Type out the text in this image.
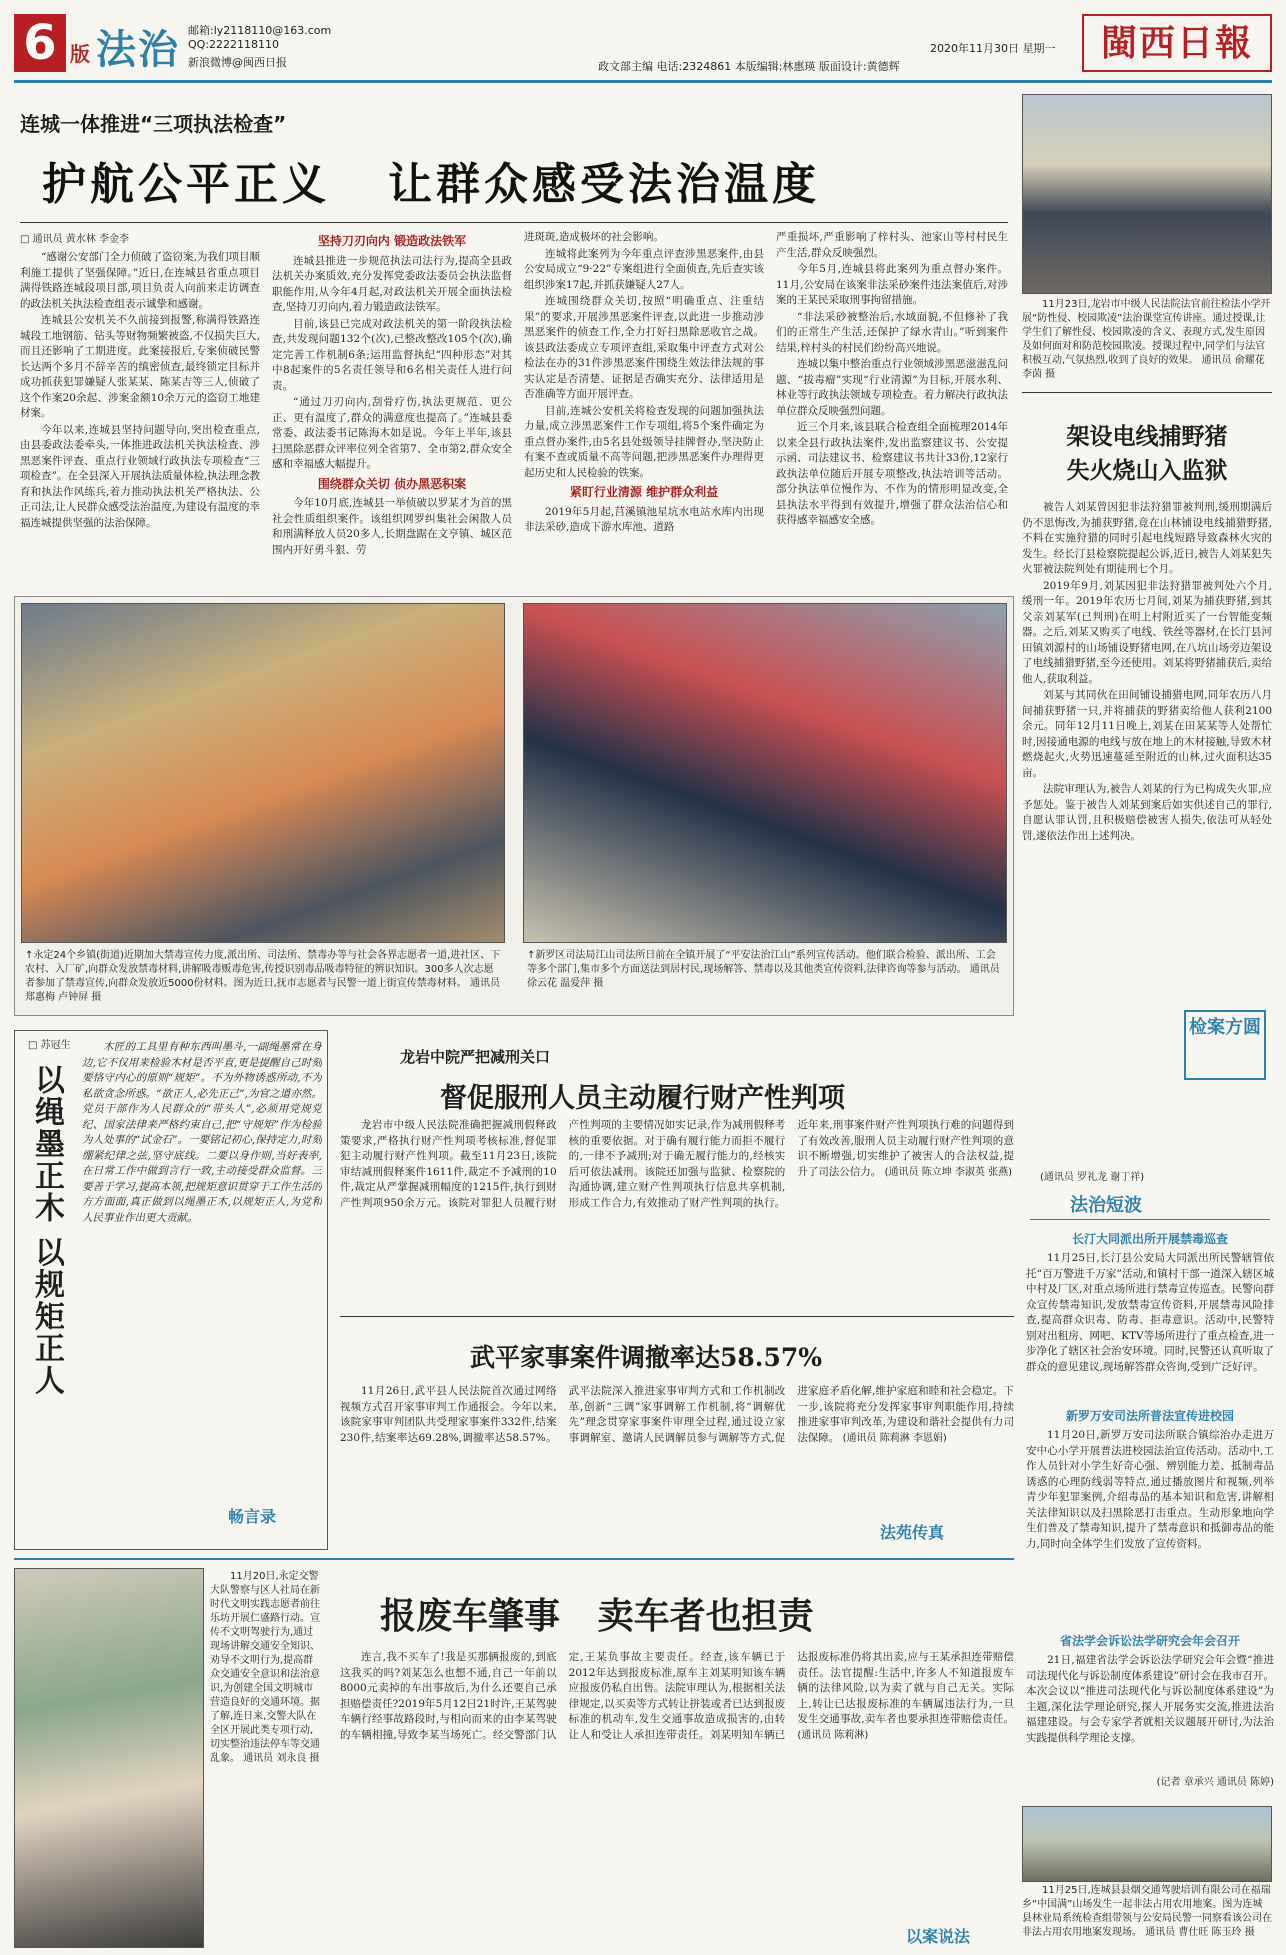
6 版 法治 邮箱:ly2118110@163.com
QQ:2222118110
新浪微博@闽西日报	政文部主编 电话:2324861 本版编辑:林惠瑛 版面设计:黄德辉
2020年11月30日 星期一	閩西日報
连城一体推进“三项执法检查”
护航公平正义   让群众感受法治温度
□ 通讯员 黄水林 李金李

“感谢公安部门全力侦破了盗窃案,为我们项目顺利施工提供了坚强保障。”近日,在连城县省重点项目满得铁路连城段项目部,项目负责人向前来走访调查的政法机关执法检查组表示诚挚和感谢。

连城县公安机关不久前接到报警,称满得铁路连城段工地钢筋、钻头等财物频繁被盗,不仅损失巨大,而且还影响了工期进度。此案接报后,专案侦破民警长达两个多月不辞辛苦的缜密侦查,最终锁定目标并成功抓获犯罪嫌疑人张某某、陈某吉等三人,侦破了这个作案20余起、涉案金额10余万元的盗窃工地建材案。

今年以来,连城县坚持问题导向,突出检查重点,由县委政法委牵头,一体推进政法机关执法检查、涉黑恶案件评查、重点行业领域行政执法专项检查“三项检查”。在全县深入开展执法质量体检,执法理念教育和执法作风练兵,着力推动执法机关严格执法、公正司法,让人民群众感受法治温度,为建设有温度的幸福连城提供坚强的法治保障。

坚持刀刃向内 锻造政法铁军

连城县推进一步规范执法司法行为,提高全县政法机关办案质效,充分发挥党委政法委员会执法监督职能作用,从今年4月起,对政法机关开展全面执法检查,坚持刀刃向内,着力锻造政法铁军。

目前,该县已完成对政法机关的第一阶段执法检查,共发现问题132个(次),已整改整改105个(次),确定完善工作机制6条;运用监督执纪“四种形态”对其中8起案件的5名责任领导和6名相关责任人进行问责。

“通过刀刃向内,刮骨疗伤,执法更规范、更公正、更有温度了,群众的满意度也提高了。”连城县委常委、政法委书记陈海木如是说。今年上半年,该县扫黑除恶群众评率位列全省第7、全市第2,群众安全感和幸福感大幅提升。

围绕群众关切 侦办黑恶积案

今年10月底,连城县一举侦破以罗某才为首的黑社会性质组织案件。该组织网罗纠集社会闲散人员和刑满释放人员20多人,长期盘踞在文亨镇、城区范围内开好勇斗狠、劳

进斑斑,造成极坏的社会影响。

连城将此案列为今年重点评查涉黑恶案件,由县公安局成立“9·22”专案组进行全面侦查,先后查实该组织涉案17起,并抓获嫌疑人27人。

连城围绕群众关切,按照“明确重点、注重结果”的要求,开展涉黑恶案件评查,以此进一步推动涉黑恶案件的侦查工作,全力打好扫黑除恶收官之战。该县政法委成立专项评查组,采取集中评查方式对公检法在办的31件涉黑恶案件围绕生效法律法规的事实认定是否清楚、证据是否确实充分、法律适用是否准确等方面开展评查。

目前,连城公安机关将检查发现的问题加强执法力量,成立涉黑恶案件工作专项组,将5个案件确定为重点督办案件,由5名县处级领导挂牌督办,坚决防止有案不查或质量不高等问题,把涉黑恶案件办理得更起历史和人民检验的铁案。

紧盯行业清源 维护群众利益

2019年5月起,莒溪镇池星坑水电站水库内出现非法采砂,造成下游水库池、道路

严重损坏,严重影响了梓村头、池家山等村村民生产生活,群众反映强烈。

今年5月,连城县将此案列为重点督办案件。11月,公安局在该案非法采砂案件违法案值后,对涉案的王某民采取刑事拘留措施。

“非法采砂被整治后,水域面貌,不但修补了我们的正常生产生活,还保护了绿水青山。”听到案件结果,梓村头的村民们纷纷高兴地说。

连城以集中整治重点行业领域涉黑恶滋滋乱问题、“拔毒瘤”实现“行业清源”为目标,开展水利、林业等行政执法领域专项检查。着力解决行政执法单位群众反映强烈问题。

近三个月来,该县联合检查组全面梳理2014年以来全县行政执法案件,发出监察建议书、公安提示函、司法建议书、检察建议书共计33份,12家行政执法单位随后开展专项整改,执法培训等活动。部分执法单位慢作为、不作为的情形明显改变,全县执法水平得到有效提升,增强了群众法治信心和获得感幸福感安全感。

11月23日,龙岩市中级人民法院法官前往检法小学开展“防性侵、校园欺凌”法治课堂宣传讲座。通过授课,让学生们了解性侵、校园欺凌的含义、表现方式,发生原因及如何面对和防范校园欺凌。授课过程中,同学们与法官积极互动,气氛热烈,收到了良好的效果。 通讯员 俞耀花 李茵 摄
架设电线捕野猪
失火烧山入监狱

被告人刘某曾因犯非法狩猎罪被判刑,缓刑期满后仍不思悔改,为捕获野猪,竟在山林铺设电线捕猎野猪,不料在实施狩猎的同时引起电线短路导致森林火灾的发生。经长汀县检察院提起公诉,近日,被告人刘某犯失火罪被法院判处有期徒刑七个月。

2019年9月,刘某因犯非法狩猎罪被判处六个月,缓刑一年。2019年农历七月间,刘某为捕获野猪,到其父亲刘某军(已判刑)在明上村附近买了一台智能变频器。之后,刘某又购买了电线、铁丝等器材,在长汀县河田镇刘源村的山场铺设野猪电网,在八坑山场旁边架设了电线捕猎野猪,至今还使用。刘某将野猪捕获后,卖给他人,获取利益。

刘某与其同伙在田间铺设捕猎电网,同年农历八月间捕获野猪一只,并将捕获的野猪卖给他人获利2100余元。同年12月11日晚上,刘某在田某某等人处帮忙时,因接通电源的电线与放在地上的木材接触,导致木材燃烧起火,火势迅速蔓延至附近的山林,过火面积达35亩。

法院审理认为,被告人刘某的行为已构成失火罪,应予惩处。鉴于被告人刘某到案后如实供述自己的罪行,自愿认罪认罚,且积极赔偿被害人损失,依法可从轻处罚,遂依法作出上述判决。

检案方圆
(通讯员 罗礼龙 谢丁祥)
↑永定24个乡镇(街道)近期加大禁毒宣传力度,派出所、司法所、禁毒办等与社会各界志愿者一道,进社区、下农村、入厂矿,向群众发放禁毒材料,讲解吸毒贩毒危害,传授识别毒品吸毒特征的辨识知识。300多人次志愿者参加了禁毒宣传,向群众发放近5000份材料。图为近日,抚市志愿者与民警一道上街宣传禁毒材料。 通讯员 郑惠梅 卢钟屏 摄
↑新罗区司法局江山司法所日前在全镇开展了“平安法治江山”系列宣传活动。他们联合检验、派出所、工会等多个部门,集市多个方面送法到居村民,现场解答、禁毒以及其他类宣传资料,法律咨询等参与活动。 通讯员 徐云花 温爱萍 摄
法治短波
长汀大同派出所开展禁毒巡查

11月25日,长汀县公安局大同派出所民警辖管依托“百万警进千万家”活动,和镇村干部一道深入辖区城中村及厂区,对重点场所进行禁毒宣传巡查。民警向群众宣传禁毒知识,发放禁毒宣传资料,开展禁毒风险排查,提高群众识毒、防毒、拒毒意识。活动中,民警特别对出租房、网吧、KTV等场所进行了重点检查,进一步净化了辖区社会治安环境。同时,民警还认真听取了群众的意见建议,现场解答群众咨询,受到广泛好评。

新罗万安司法所普法宣传进校园

11月20日,新罗万安司法所联合镇综治办走进万安中心小学开展普法进校园法治宣传活动。活动中,工作人员针对小学生好奇心强、辨别能力差、抵制毒品诱惑的心理防线弱等特点,通过播放图片和视频,列举青少年犯罪案例,介绍毒品的基本知识和危害,讲解相关法律知识以及扫黑除恶打击重点。生动形象地向学生们普及了禁毒知识,提升了禁毒意识和抵御毒品的能力,同时向全体学生们发放了宣传资料。

省法学会诉讼法学研究会年会召开

21日,福建省法学会诉讼法学研究会年会暨“推进司法现代化与诉讼制度体系建设”研讨会在我市召开。本次会议以“推进司法现代化与诉讼制度体系建设”为主题,深化法学理论研究,探人开展务实交流,推进法治福建建设。与会专家学者就相关议题展开研讨,为法治实践提供科学理论支撑。

(记者 章承兴 通讯员 陈婷)
□ 苏冠生
以绳墨正木 以规矩正人
木匠的工具里有种东西叫墨斗,一副绳墨常在身边,它不仅用来检验木材是否平直,更是提醒自己时刻要恪守内心的原则“规矩”。不为外物诱惑所动,不为私欲贪念所惑。“欲正人,必先正己”,为官之道亦然。党员干部作为人民群众的“带头人”,必须用党规党纪、国家法律来严格约束自己,把“守规矩”作为检验为人处事的“试金石”。一要铭记初心,保持定力,时刻绷紧纪律之弦,坚守底线。二要以身作则,当好表率,在日常工作中做到言行一致,主动接受群众监督。三要善于学习,提高本领,把规矩意识贯穿于工作生活的方方面面,真正做到以绳墨正木,以规矩正人,为党和人民事业作出更大贡献。
畅言录
龙岩中院严把减刑关口
督促服刑人员主动履行财产性判项
龙岩市中级人民法院准确把握减刑假释政策要求,严格执行财产性判项考核标准,督促罪犯主动履行财产性判项。截至11月23日,该院审结减刑假释案件1611件,裁定不予减刑的10件,裁定从严掌握减刑幅度的1215件,执行到财产性判项950余万元。该院对罪犯人员履行财产性判项的主要情况如实记录,作为减刑假释考核的重要依据。对于确有履行能力而拒不履行的,一律不予减刑;对于确无履行能力的,经核实后可依法减刑。该院还加强与监狱、检察院的沟通协调,建立财产性判项执行信息共享机制,形成工作合力,有效推动了财产性判项的执行。近年来,刑事案件财产性判项执行难的问题得到了有效改善,服刑人员主动履行财产性判项的意识不断增强,切实维护了被害人的合法权益,提升了司法公信力。 (通讯员 陈立坤 李淑英 张燕)
武平家事案件调撤率达58.57%
11月26日,武平县人民法院首次通过网络视频方式召开家事审判工作通报会。今年以来,该院家事审判团队共受理家事案件332件,结案230件,结案率达69.28%,调撤率达58.57%。武平法院深入推进家事审判方式和工作机制改革,创新“三调”家事调解工作机制,将“调解优先”理念贯穿家事案件审理全过程,通过设立家事调解室、邀请人民调解员参与调解等方式,促进家庭矛盾化解,维护家庭和睦和社会稳定。下一步,该院将充分发挥家事审判职能作用,持续推进家事审判改革,为建设和谐社会提供有力司法保障。 (通讯员 陈莉淋 李恩娟)
法苑传真
11月20日,永定交警大队警察与区人社局在新时代文明实践志愿者前往乐坊开展仁盛路行动。宣传不文明驾驶行为,通过现场讲解交通安全知识、劝导不文明行为,提高群众交通安全意识和法治意识,为创建全国文明城市营造良好的交通环境。据了解,连日来,交警大队在全区开展此类专项行动,切实整治违法停车等交通乱象。 通讯员 刘永良 摄
报废车肇事   卖车者也担责
连言,我不买车了!我是买那辆报废的,到底这我买的吗?刘某怎么也想不通,自己一年前以8000元卖掉的车出事故后,为什么还要自己承担赔偿责任?2019年5月12日21时许,王某驾驶车辆行经事故路段时,与相向而来的由李某驾驶的车辆相撞,导致李某当场死亡。经交警部门认定,王某负事故主要责任。经查,该车辆已于2012年达到报废标准,原车主刘某明知该车辆应报废仍私自出售。法院审理认为,根据相关法律规定,以买卖等方式转让拼装或者已达到报废标准的机动车,发生交通事故造成损害的,由转让人和受让人承担连带责任。刘某明知车辆已达报废标准仍将其出卖,应与王某承担连带赔偿责任。法官提醒:生活中,许多人不知道报废车辆的法律风险,以为卖了就与自己无关。实际上,转让已达报废标准的车辆属违法行为,一旦发生交通事故,卖车者也要承担连带赔偿责任。 (通讯员 陈莉淋)
以案说法
11月25日,连城县县烟交通驾驶培训有限公司在福瑞乡“中国满”山场发生一起非法占用农用地案。图为连城县林业局系统检查组带领与公安局民警一同察看该公司在非法占用农用地案发现场。 通讯员 曹仕旺 陈玉玲 摄
